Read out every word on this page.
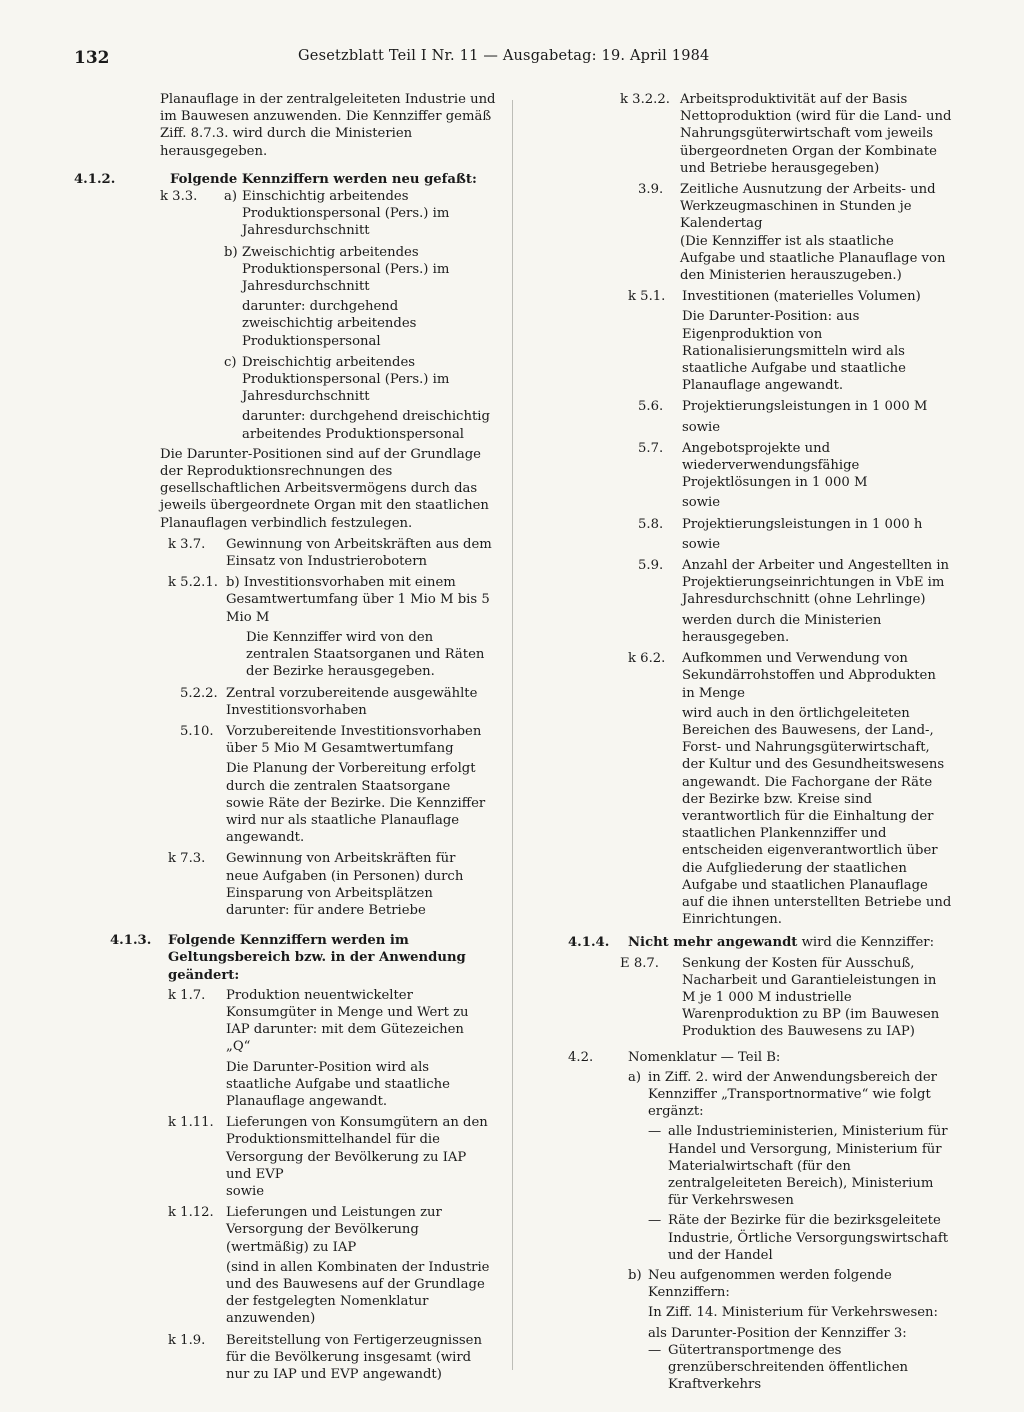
132	Gesetzblatt Teil I Nr. 11 — Ausgabetag: 19. April 1984
Planauflage in der zentralgeleiteten Industrie und im Bauwesen anzuwenden. Die Kennziffer gemäß Ziff. 8.7.3. wird durch die Ministerien herausgegeben.
4.1.2.	Folgende Kennziffern werden neu gefaßt:
k 3.3. a) Einschichtig arbeitendes Produktionspersonal (Pers.) im Jahresdurchschnitt
b) Zweischichtig arbeitendes Produktionspersonal (Pers.) im Jahresdurchschnitt
darunter: durchgehend zweischichtig arbeitendes Produktionspersonal
c) Dreischichtig arbeitendes Produktionspersonal (Pers.) im Jahresdurchschnitt
darunter: durchgehend dreischichtig arbeitendes Produktionspersonal
Die Darunter-Positionen sind auf der Grundlage der Reproduktionsrechnungen des gesellschaftlichen Arbeitsvermögens durch das jeweils übergeordnete Organ mit den staatlichen Planauflagen verbindlich festzulegen.
k 3.7.	Gewinnung von Arbeitskräften aus dem Einsatz von Industrierobotern
k 5.2.1. b) Investitionsvorhaben mit einem Gesamtwertumfang über 1 Mio M bis 5 Mio M
Die Kennziffer wird von den zentralen Staatsorganen und Räten der Bezirke herausgegeben.
5.2.2. Zentral vorzubereitende ausgewählte Investitionsvorhaben
5.10. Vorzubereitende Investitionsvorhaben über 5 Mio M Gesamtwertumfang
Die Planung der Vorbereitung erfolgt durch die zentralen Staatsorgane sowie Räte der Bezirke. Die Kennziffer wird nur als staatliche Planauflage angewandt.
k 7.3.	Gewinnung von Arbeitskräften für neue Aufgaben (in Personen) durch Einsparung von Arbeitsplätzen darunter: für andere Betriebe
4.1.3.	Folgende Kennziffern werden im Geltungsbereich bzw. in der Anwendung geändert:
k 1.7.	Produktion neuentwickelter Konsumgüter in Menge und Wert zu IAP darunter: mit dem Gütezeichen „Q“
Die Darunter-Position wird als staatliche Aufgabe und staatliche Planauflage angewandt.
k 1.11. Lieferungen von Konsumgütern an den Produktionsmittelhandel für die Versorgung der Bevölkerung zu IAP und EVP
sowie
k 1.12. Lieferungen und Leistungen zur Versorgung der Bevölkerung (wertmäßig) zu IAP
(sind in allen Kombinaten der Industrie und des Bauwesens auf der Grundlage der festgelegten Nomenklatur anzuwenden)
k 1.9.	Bereitstellung von Fertigerzeugnissen für die Bevölkerung insgesamt (wird nur zu IAP und EVP angewandt)
k 3.2.2. Arbeitsproduktivität auf der Basis Nettoproduktion (wird für die Land- und Nahrungsgüterwirtschaft vom jeweils übergeordneten Organ der Kombinate und Betriebe herausgegeben)
3.9.	Zeitliche Ausnutzung der Arbeits- und Werkzeugmaschinen in Stunden je Kalendertag
(Die Kennziffer ist als staatliche Aufgabe und staatliche Planauflage von den Ministerien herauszugeben.)
k 5.1.	Investitionen (materielles Volumen)
Die Darunter-Position: aus Eigenproduktion von Rationalisierungsmitteln wird als staatliche Aufgabe und staatliche Planauflage angewandt.
5.6.	Projektierungsleistungen in 1 000 M
sowie
5.7.	Angebotsprojekte und wiederverwendungsfähige Projektlösungen in 1 000 M
sowie
5.8.	Projektierungsleistungen in 1 000 h
sowie
5.9.	Anzahl der Arbeiter und Angestellten in Projektierungseinrichtungen in VbE im Jahresdurchschnitt (ohne Lehrlinge)
werden durch die Ministerien herausgegeben.
k 6.2.	Aufkommen und Verwendung von Sekundärrohstoffen und Abprodukten in Menge
wird auch in den örtlichgeleiteten Bereichen des Bauwesens, der Land-, Forst- und Nahrungsgüterwirtschaft, der Kultur und des Gesundheitswesens angewandt. Die Fachorgane der Räte der Bezirke bzw. Kreise sind verantwortlich für die Einhaltung der staatlichen Plankennziffer und entscheiden eigenverantwortlich über die Aufgliederung der staatlichen Aufgabe und staatlichen Planauflage auf die ihnen unterstellten Betriebe und Einrichtungen.
4.1.4.	Nicht mehr angewandt wird die Kennziffer:
E 8.7.	Senkung der Kosten für Ausschuß, Nacharbeit und Garantieleistungen in M je 1 000 M industrielle Warenproduktion zu BP (im Bauwesen Produktion des Bauwesens zu IAP)
4.2.	Nomenklatur — Teil B:
a) in Ziff. 2. wird der Anwendungsbereich der Kennziffer „Transportnormative“ wie folgt ergänzt:
— alle Industrieministerien, Ministerium für Handel und Versorgung, Ministerium für Materialwirtschaft (für den zentralgeleiteten Bereich), Ministerium für Verkehrswesen
— Räte der Bezirke für die bezirksgeleitete Industrie, Örtliche Versorgungswirtschaft und der Handel
b) Neu aufgenommen werden folgende Kennziffern:
In Ziff. 14. Ministerium für Verkehrswesen:
als Darunter-Position der Kennziffer 3:
— Gütertransportmenge des grenzüberschreitenden öffentlichen Kraftverkehrs
